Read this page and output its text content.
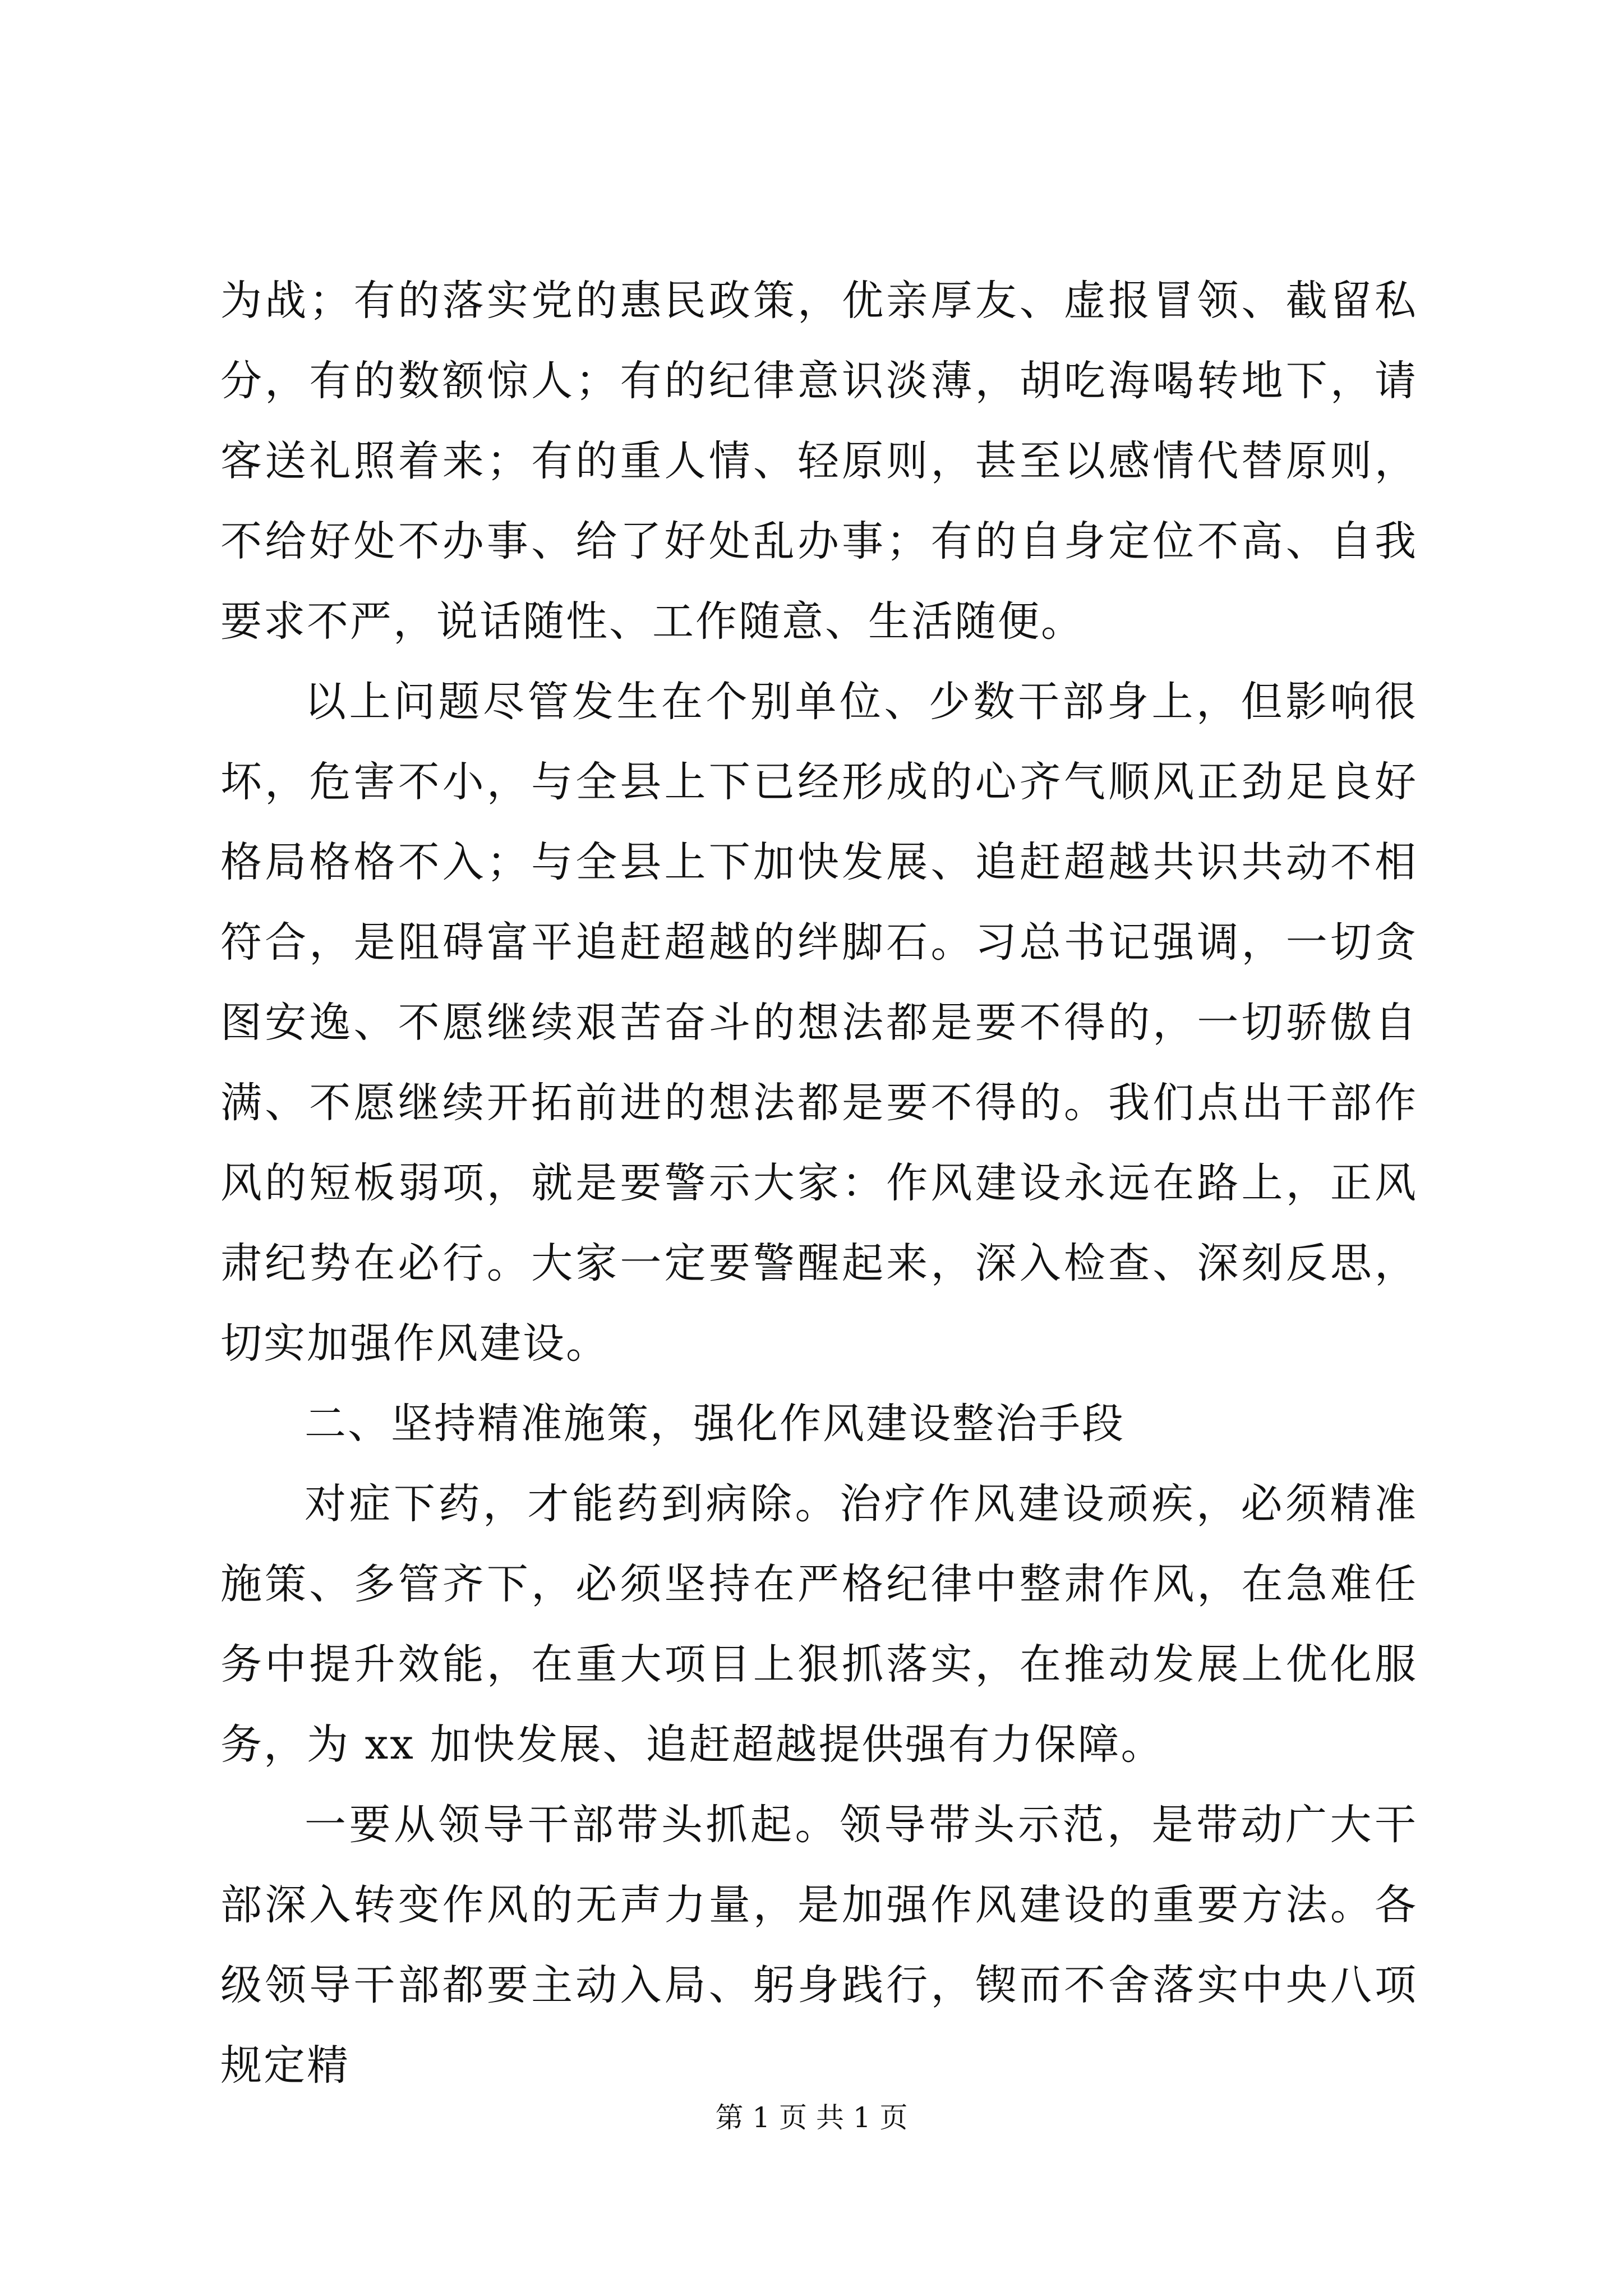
为战；有的落实党的惠民政策，优亲厚友、虚报冒领、截留私分，有的数额惊人；有的纪律意识淡薄，胡吃海喝转地下，请客送礼照着来；有的重人情、轻原则，甚至以感情代替原则，不给好处不办事、给了好处乱办事；有的自身定位不高、自我要求不严，说话随性、工作随意、生活随便。

以上问题尽管发生在个别单位、少数干部身上，但影响很坏，危害不小，与全县上下已经形成的心齐气顺风正劲足良好格局格格不入；与全县上下加快发展、追赶超越共识共动不相符合，是阻碍富平追赶超越的绊脚石。习总书记强调，一切贪图安逸、不愿继续艰苦奋斗的想法都是要不得的，一切骄傲自满、不愿继续开拓前进的想法都是要不得的。我们点出干部作风的短板弱项，就是要警示大家：作风建设永远在路上，正风肃纪势在必行。大家一定要警醒起来，深入检查、深刻反思，切实加强作风建设。

二、坚持精准施策，强化作风建设整治手段

对症下药，才能药到病除。治疗作风建设顽疾，必须精准施策、多管齐下，必须坚持在严格纪律中整肃作风，在急难任务中提升效能，在重大项目上狠抓落实，在推动发展上优化服务，为 xx 加快发展、追赶超越提供强有力保障。

一要从领导干部带头抓起。领导带头示范，是带动广大干部深入转变作风的无声力量，是加强作风建设的重要方法。各级领导干部都要主动入局、躬身践行，锲而不舍落实中央八项规定精

第 1 页 共 1 页
